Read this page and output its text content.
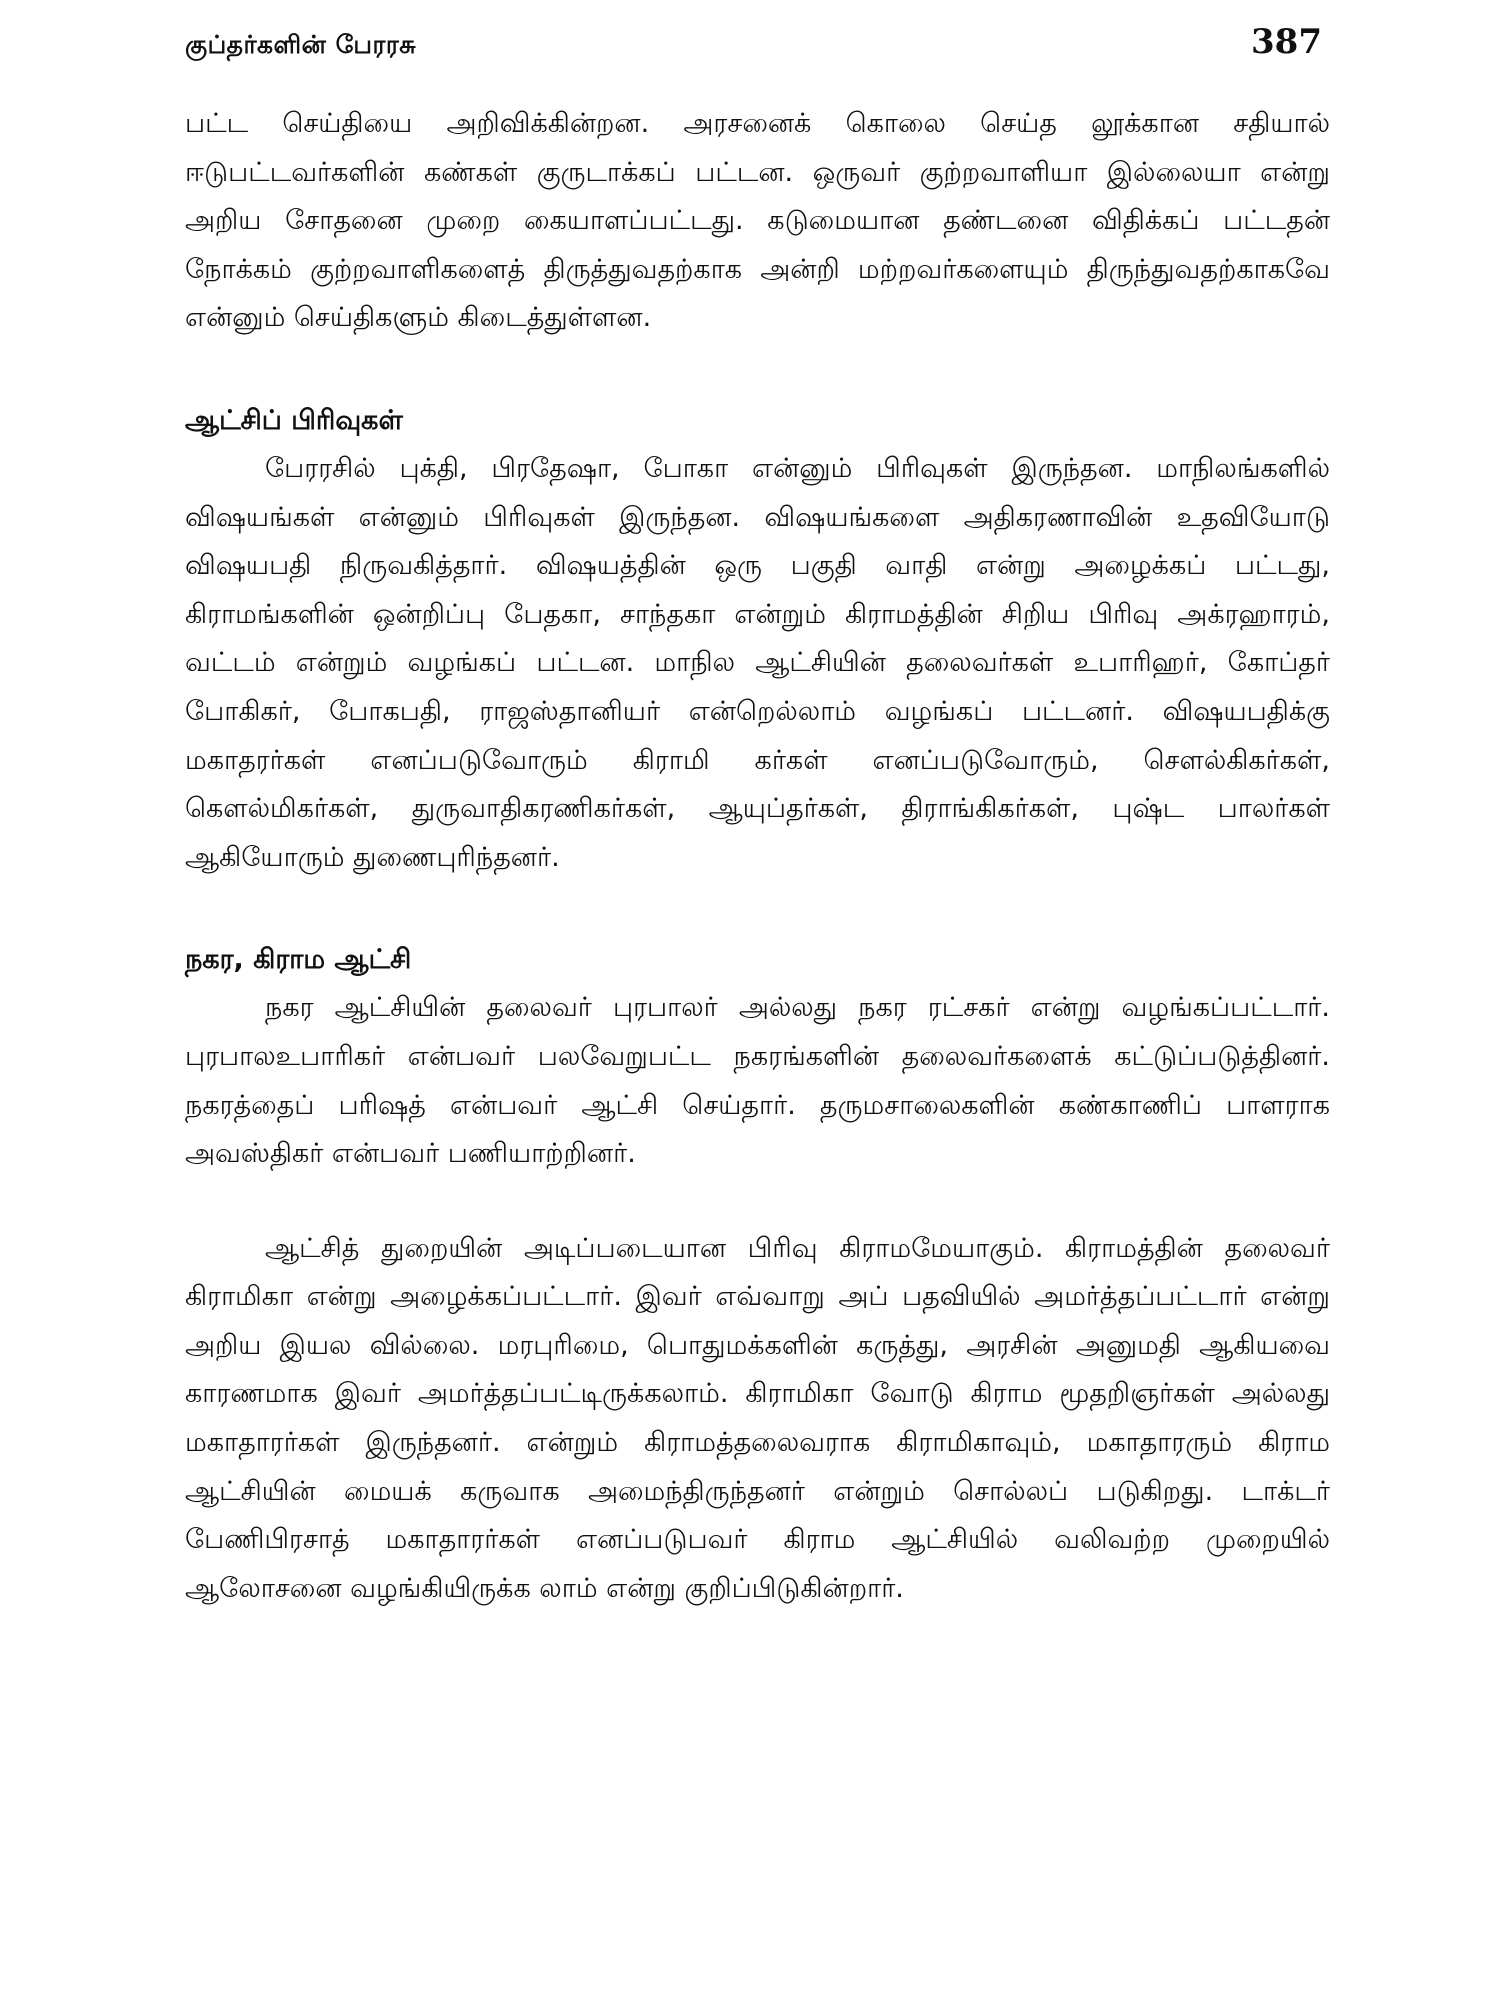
குப்தர்களின் பேரரசு	387

பட்ட செய்தியை அறிவிக்கின்றன. அரசனைக் கொலை செய்த லூக்கான சதியால் ஈடுபட்டவர்களின் கண்கள் குருடாக்கப் பட்டன. ஒருவர் குற்றவாளியா இல்லையா என்று அறிய சோதனை முறை கையாளப்பட்டது. கடுமையான தண்டனை விதிக்கப் பட்டதன் நோக்கம் குற்றவாளிகளைத் திருத்துவதற்காக அன்றி மற்றவர்களையும் திருந்துவதற்காகவே என்னும் செய்திகளும் கிடைத்துள்ளன.

ஆட்சிப் பிரிவுகள்

பேரரசில் புக்தி, பிரதேஷா, போகா என்னும் பிரிவுகள் இருந்தன. மாநிலங்களில் விஷயங்கள் என்னும் பிரிவுகள் இருந்தன. விஷயங்களை அதிகரணாவின் உதவியோடு விஷயபதி நிருவகித்தார். விஷயத்தின் ஒரு பகுதி வாதி என்று அழைக்கப் பட்டது, கிராமங்களின் ஒன்றிப்பு பேதகா, சாந்தகா என்றும் கிராமத்தின் சிறிய பிரிவு அக்ரஹாரம், வட்டம் என்றும் வழங்கப் பட்டன. மாநில ஆட்சியின் தலைவர்கள் உபாரிஹர், கோப்தர் போகிகர், போகபதி, ராஜஸ்தானியர் என்றெல்லாம் வழங்கப் பட்டனர். விஷயபதிக்கு மகாதரர்கள் எனப்படுவோரும் கிராமி கர்கள் எனப்படுவோரும், சௌல்கிகர்கள், கௌல்மிகர்கள், துருவாதிகரணிகர்கள், ஆயுப்தர்கள், திராங்கிகர்கள், புஷ்ட பாலர்கள் ஆகியோரும் துணைபுரிந்தனர்.

நகர, கிராம ஆட்சி

நகர ஆட்சியின் தலைவர் புரபாலர் அல்லது நகர ரட்சகர் என்று வழங்கப்பட்டார். புரபாலஉபாரிகர் என்பவர் பலவேறுபட்ட நகரங்களின் தலைவர்களைக் கட்டுப்படுத்தினர். நகரத்தைப் பரிஷத் என்பவர் ஆட்சி செய்தார். தருமசாலைகளின் கண்காணிப் பாளராக அவஸ்திகர் என்பவர் பணியாற்றினர்.

ஆட்சித் துறையின் அடிப்படையான பிரிவு கிராமமேயாகும். கிராமத்தின் தலைவர் கிராமிகா என்று அழைக்கப்பட்டார். இவர் எவ்வாறு அப் பதவியில் அமர்த்தப்பட்டார் என்று அறிய இயல வில்லை. மரபுரிமை, பொதுமக்களின் கருத்து, அரசின் அனுமதி ஆகியவை காரணமாக இவர் அமர்த்தப்பட்டிருக்கலாம். கிராமிகா வோடு கிராம மூதறிஞர்கள் அல்லது மகாதாரர்கள் இருந்தனர். என்றும் கிராமத்தலைவராக கிராமிகாவும், மகாதாரரும் கிராம ஆட்சியின் மையக் கருவாக அமைந்திருந்தனர் என்றும் சொல்லப் படுகிறது. டாக்டர் பேணிபிரசாத் மகாதாரர்கள் எனப்படுபவர் கிராம ஆட்சியில் வலிவற்ற முறையில் ஆலோசனை வழங்கியிருக்க லாம் என்று குறிப்பிடுகின்றார்.
